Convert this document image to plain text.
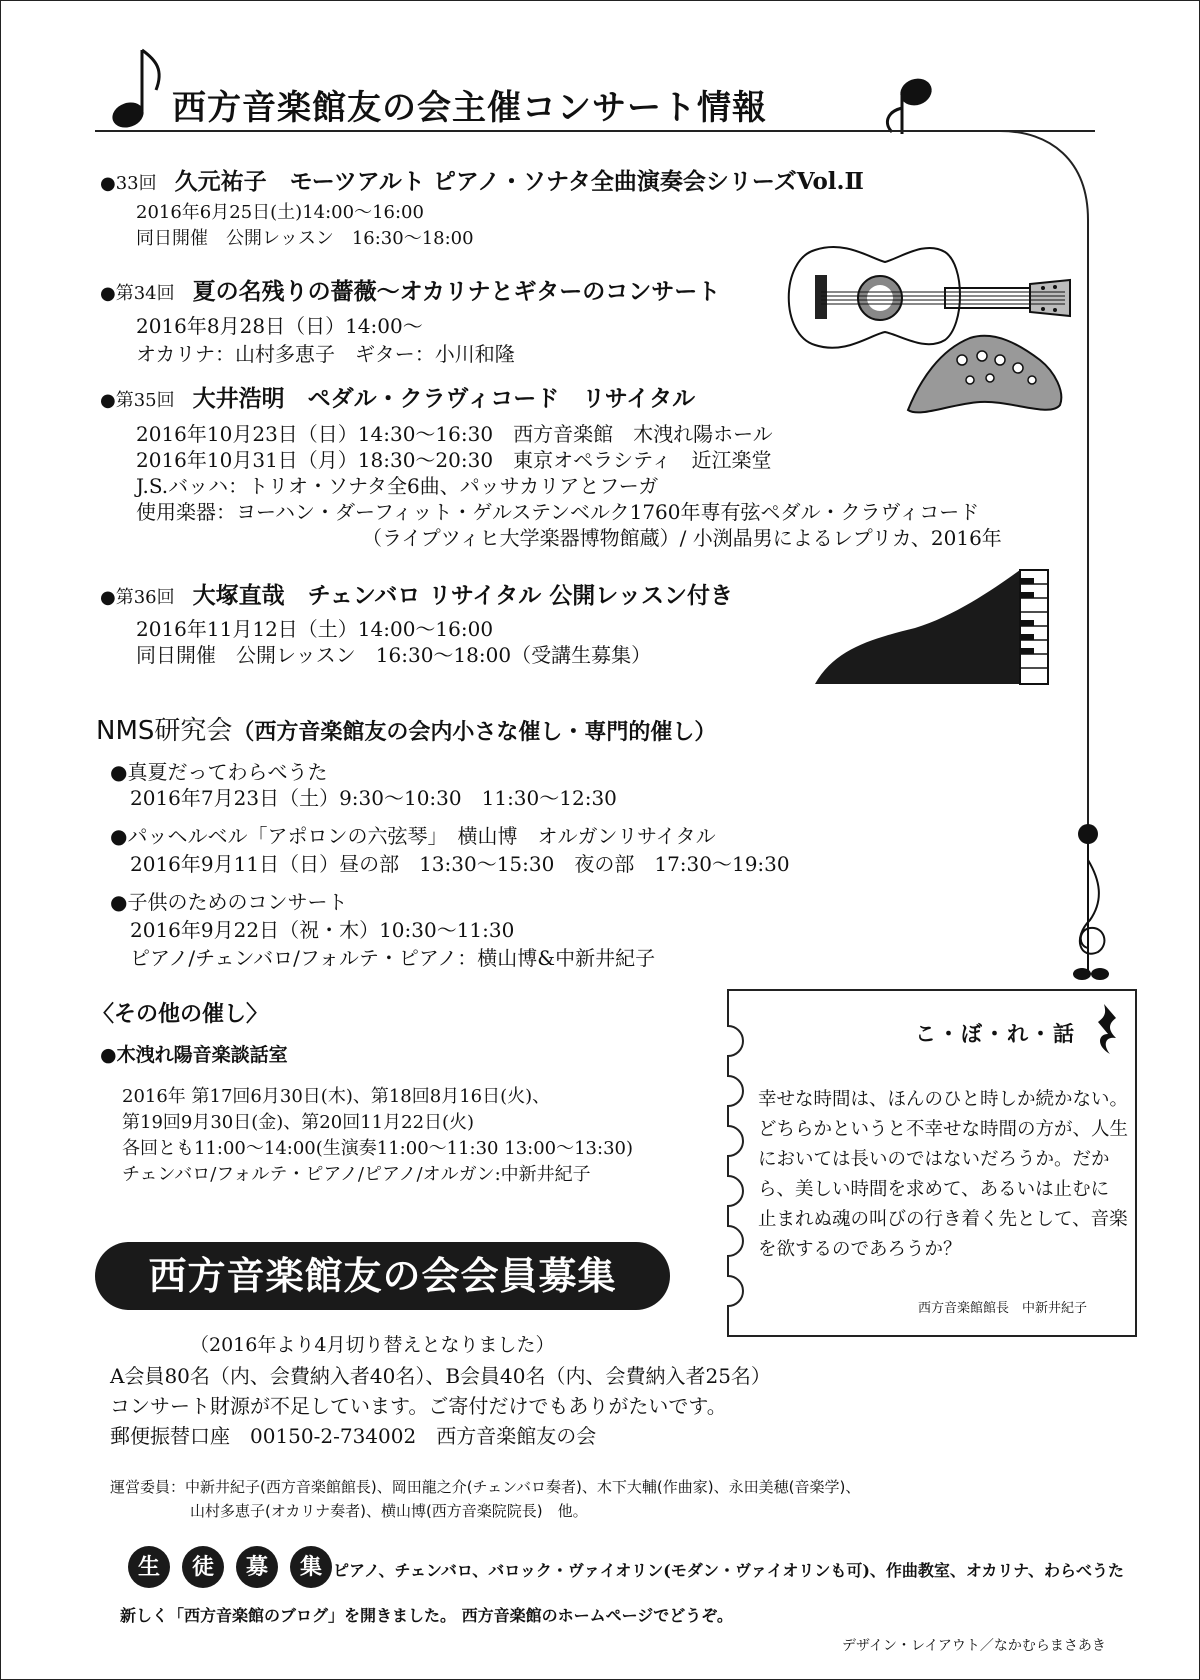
西方音楽館友の会主催コンサート情報
●33回 久元祐子　モーツアルト ピアノ・ソナタ全曲演奏会シリーズVol.Ⅱ
2016年6月25日(土)14:00〜16:00
同日開催　公開レッスン　16:30〜18:00
●第34回 夏の名残りの薔薇〜オカリナとギターのコンサート
2016年8月28日（日）14:00〜
オカリナ：山村多恵子　ギター：小川和隆
●第35回 大井浩明　ペダル・クラヴィコード　リサイタル
2016年10月23日（日）14:30〜16:30　西方音楽館　木洩れ陽ホール
2016年10月31日（月）18:30〜20:30　東京オペラシティ　近江楽堂
J.S.バッハ：トリオ・ソナタ全6曲、パッサカリアとフーガ
使用楽器：ヨーハン・ダーフィット・ゲルステンベルク1760年専有弦ペダル・クラヴィコード
（ライプツィヒ大学楽器博物館蔵）/ 小渕晶男によるレプリカ、2016年
●第36回 大塚直哉　チェンバロ リサイタル 公開レッスン付き
2016年11月12日（土）14:00〜16:00
同日開催　公開レッスン　16:30〜18:00（受講生募集）
NMS研究会（西方音楽館友の会内小さな催し・専門的催し）
●真夏だってわらべうた
2016年7月23日（土）9:30〜10:30　11:30〜12:30
●パッヘルベル「アポロンの六弦琴」　横山博　オルガンリサイタル
2016年9月11日（日）昼の部　13:30〜15:30　夜の部　17:30〜19:30
●子供のためのコンサート
2016年9月22日（祝・木）10:30〜11:30
ピアノ/チェンバロ/フォルテ・ピアノ：横山博&中新井紀子
〈その他の催し〉
●木洩れ陽音楽談話室
2016年 第17回6月30日(木)、第18回8月16日(火)、
第19回9月30日(金)、第20回11月22日(火)
各回とも11:00〜14:00(生演奏11:00〜11:30 13:00〜13:30)
チェンバロ/フォルテ・ピアノ/ピアノ/オルガン:中新井紀子
こ・ぼ・れ・話
幸せな時間は、ほんのひと時しか続かない。
どちらかというと不幸せな時間の方が、人生
においては長いのではないだろうか。だか
ら、美しい時間を求めて、あるいは止むに
止まれぬ魂の叫びの行き着く先として、音楽
を欲するのであろうか？
西方音楽館館長　中新井紀子
西方音楽館友の会会員募集
（2016年より4月切り替えとなりました）
A会員80名（内、会費納入者40名）、B会員40名（内、会費納入者25名）
コンサート財源が不足しています。ご寄付だけでもありがたいです。
郵便振替口座　00150-2-734002　西方音楽館友の会
運営委員：中新井紀子(西方音楽館館長)、岡田龍之介(チェンバロ奏者)、木下大輔(作曲家)、永田美穂(音楽学)、
山村多恵子(オカリナ奏者)、横山博(西方音楽院院長)　他。
生 徒 募 集 ピアノ、チェンバロ、バロック・ヴァイオリン(モダン・ヴァイオリンも可)、作曲教室、オカリナ、わらべうた
新しく「西方音楽館のブログ」を開きました。 西方音楽館のホームページでどうぞ。
デザイン・レイアウト／なかむらまさあき
